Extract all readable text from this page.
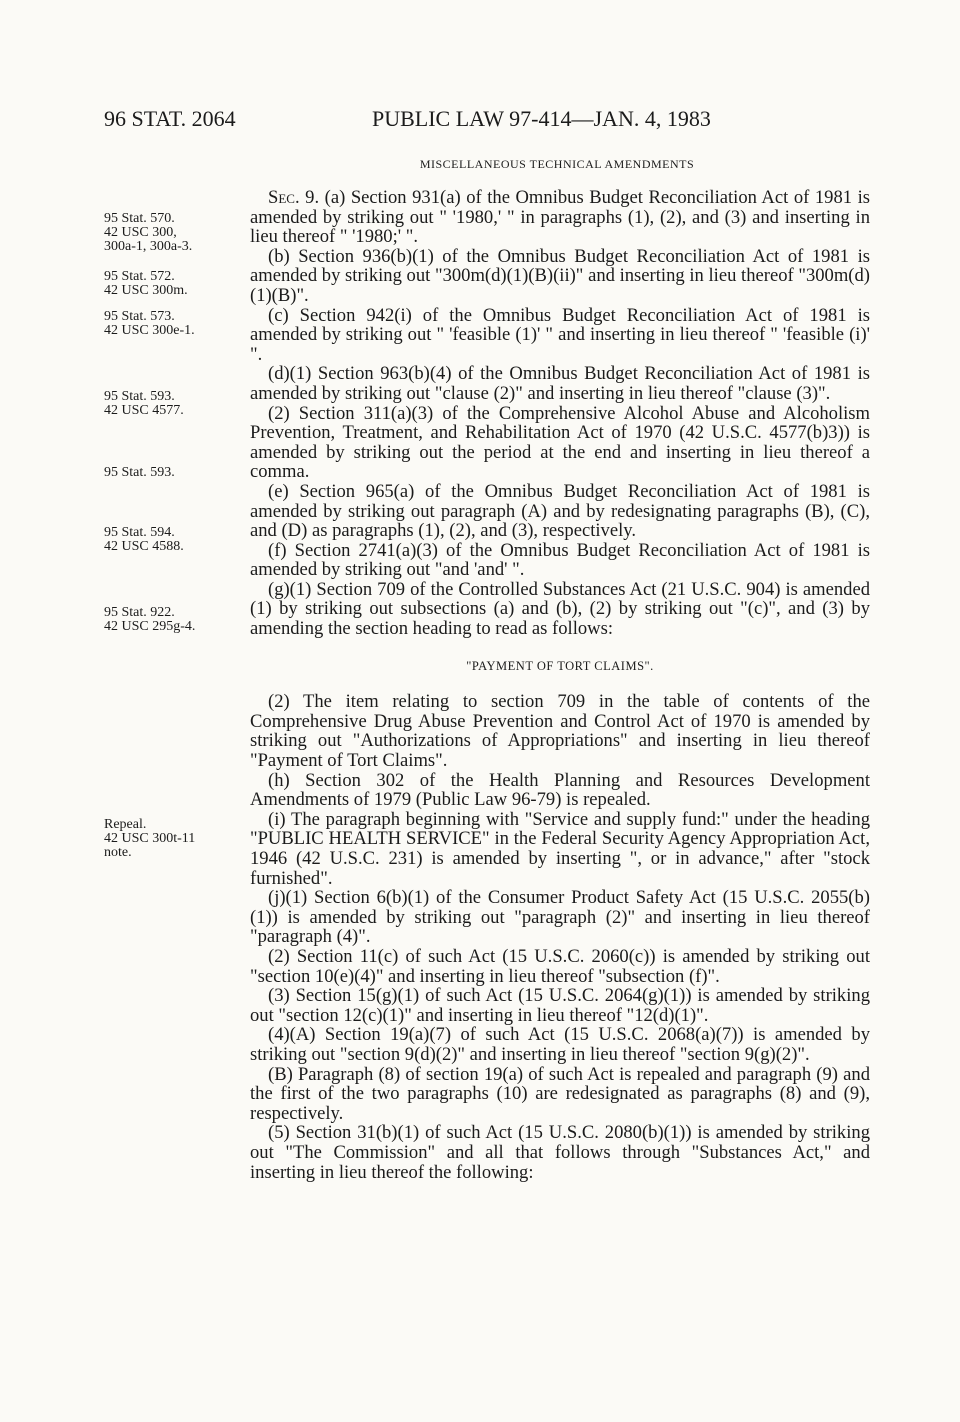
96 STAT. 2064	PUBLIC LAW 97-414—JAN. 4, 1983
MISCELLANEOUS TECHNICAL AMENDMENTS
95 Stat. 570.
42 USC 300,
300a-1, 300a-3.
95 Stat. 572.
42 USC 300m.
95 Stat. 573.
42 USC 300e-1.
95 Stat. 593.
42 USC 4577.
95 Stat. 593.
95 Stat. 594.
42 USC 4588.
95 Stat. 922.
42 USC 295g-4.
Repeal.
42 USC 300t-11
note.

Sec. 9. (a) Section 931(a) of the Omnibus Budget Reconciliation Act of 1981 is amended by striking out " '1980,' " in paragraphs (1), (2), and (3) and inserting in lieu thereof " '1980;' ".

(b) Section 936(b)(1) of the Omnibus Budget Reconciliation Act of 1981 is amended by striking out "300m(d)(1)(B)(ii)" and inserting in lieu thereof "300m(d)(1)(B)".

(c) Section 942(i) of the Omnibus Budget Reconciliation Act of 1981 is amended by striking out " 'feasible (1)' " and inserting in lieu thereof " 'feasible (i)' ".

(d)(1) Section 963(b)(4) of the Omnibus Budget Reconciliation Act of 1981 is amended by striking out "clause (2)" and inserting in lieu thereof "clause (3)".

(2) Section 311(a)(3) of the Comprehensive Alcohol Abuse and Alcoholism Prevention, Treatment, and Rehabilitation Act of 1970 (42 U.S.C. 4577(b)3)) is amended by striking out the period at the end and inserting in lieu thereof a comma.

(e) Section 965(a) of the Omnibus Budget Reconciliation Act of 1981 is amended by striking out paragraph (A) and by redesignating paragraphs (B), (C), and (D) as paragraphs (1), (2), and (3), respectively.

(f) Section 2741(a)(3) of the Omnibus Budget Reconciliation Act of 1981 is amended by striking out "and 'and' ".

(g)(1) Section 709 of the Controlled Substances Act (21 U.S.C. 904) is amended (1) by striking out subsections (a) and (b), (2) by striking out "(c)", and (3) by amending the section heading to read as follows:

"PAYMENT OF TORT CLAIMS".

(2) The item relating to section 709 in the table of contents of the Comprehensive Drug Abuse Prevention and Control Act of 1970 is amended by striking out "Authorizations of Appropriations" and inserting in lieu thereof "Payment of Tort Claims".

(h) Section 302 of the Health Planning and Resources Development Amendments of 1979 (Public Law 96-79) is repealed.

(i) The paragraph beginning with "Service and supply fund:" under the heading "PUBLIC HEALTH SERVICE" in the Federal Security Agency Appropriation Act, 1946 (42 U.S.C. 231) is amended by inserting ", or in advance," after "stock furnished".

(j)(1) Section 6(b)(1) of the Consumer Product Safety Act (15 U.S.C. 2055(b)(1)) is amended by striking out "paragraph (2)" and inserting in lieu thereof "paragraph (4)".

(2) Section 11(c) of such Act (15 U.S.C. 2060(c)) is amended by striking out "section 10(e)(4)" and inserting in lieu thereof "subsection (f)".

(3) Section 15(g)(1) of such Act (15 U.S.C. 2064(g)(1)) is amended by striking out "section 12(c)(1)" and inserting in lieu thereof "12(d)(1)".

(4)(A) Section 19(a)(7) of such Act (15 U.S.C. 2068(a)(7)) is amended by striking out "section 9(d)(2)" and inserting in lieu thereof "section 9(g)(2)".

(B) Paragraph (8) of section 19(a) of such Act is repealed and paragraph (9) and the first of the two paragraphs (10) are redesignated as paragraphs (8) and (9), respectively.

(5) Section 31(b)(1) of such Act (15 U.S.C. 2080(b)(1)) is amended by striking out "The Commission" and all that follows through "Substances Act," and inserting in lieu thereof the following:
